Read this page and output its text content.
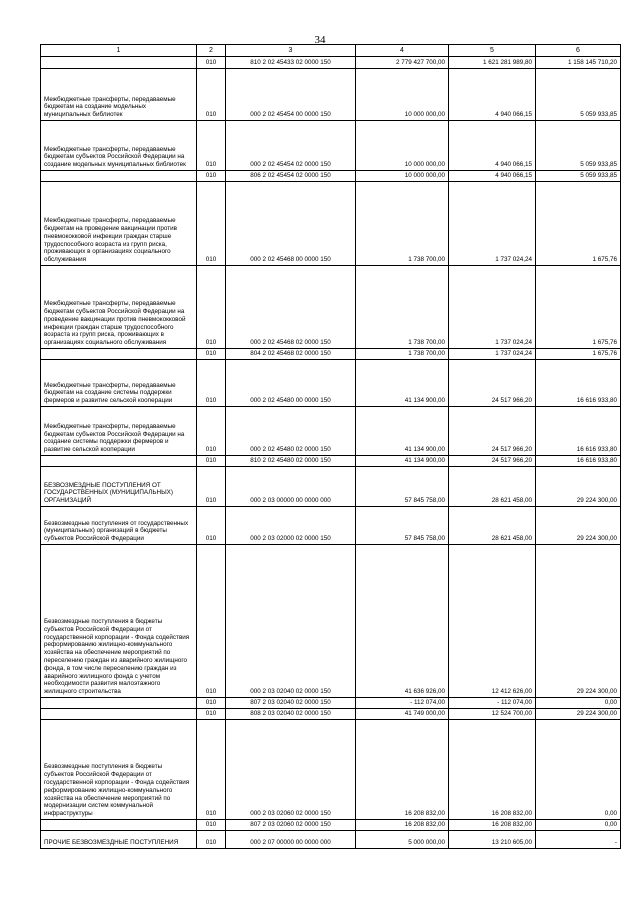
34
1	2	3	4	5	6
	010	810 2 02 45433 02 0000 150	2 779 427 700,00	1 621 281 989,80	1 158 145 710,20
Межбюджетные трансферты, передаваемые бюджетам на создание модельных муниципальных библиотек	010	000 2 02 45454 00 0000 150	10 000 000,00	4 940 066,15	5 059 933,85
Межбюджетные трансферты, передаваемые бюджетам субъектов Российской Федерации на создание модельных муниципальных библиотек	010	000 2 02 45454 02 0000 150	10 000 000,00	4 940 066,15	5 059 933,85
	010	806 2 02 45454 02 0000 150	10 000 000,00	4 940 066,15	5 059 933,85
Межбюджетные трансферты, передаваемые бюджетам на проведение вакцинации против пневмококковой инфекции граждан старше трудоспособного возраста из групп риска, проживающих в организациях социального обслуживания	010	000 2 02 45468 00 0000 150	1 738 700,00	1 737 024,24	1 675,76
Межбюджетные трансферты, передаваемые бюджетам субъектов Российской Федерации на проведение вакцинации против пневмококковой инфекции граждан старше трудоспособного возраста из групп риска, проживающих в организациях социального обслуживания	010	000 2 02 45468 02 0000 150	1 738 700,00	1 737 024,24	1 675,76
	010	804 2 02 45468 02 0000 150	1 738 700,00	1 737 024,24	1 675,76
Межбюджетные трансферты, передаваемые бюджетам на создание системы поддержки фермеров и развитие сельской кооперации	010	000 2 02 45480 00 0000 150	41 134 900,00	24 517 966,20	16 616 933,80
Межбюджетные трансферты, передаваемые бюджетам субъектов Российской Федерации на создание системы поддержки фермеров и развитие сельской кооперации	010	000 2 02 45480 02 0000 150	41 134 900,00	24 517 966,20	16 616 933,80
	010	810 2 02 45480 02 0000 150	41 134 900,00	24 517 966,20	16 616 933,80
БЕЗВОЗМЕЗДНЫЕ ПОСТУПЛЕНИЯ ОТ ГОСУДАРСТВЕННЫХ (МУНИЦИПАЛЬНЫХ) ОРГАНИЗАЦИЙ	010	000 2 03 00000 00 0000 000	57 845 758,00	28 621 458,00	29 224 300,00
Безвозмездные поступления от государственных (муниципальных) организаций в бюджеты субъектов Российской Федерации	010	000 2 03 02000 02 0000 150	57 845 758,00	28 621 458,00	29 224 300,00
Безвозмездные поступления в бюджеты субъектов Российской Федерации от государственной корпорации - Фонда содействия реформированию жилищно-коммунального хозяйства на обеспечение мероприятий по переселению граждан из аварийного жилищного фонда, в том числе переселению граждан из аварийного жилищного фонда с учетом необходимости развития малоэтажного жилищного строительства	010	000 2 03 02040 02 0000 150	41 636 926,00	12 412 626,00	29 224 300,00
	010	807 2 03 02040 02 0000 150	- 112 074,00	- 112 074,00	0,00
	010	808 2 03 02040 02 0000 150	41 749 000,00	12 524 700,00	29 224 300,00
Безвозмездные поступления в бюджеты субъектов Российской Федерации от государственной корпорации - Фонда содействия реформированию жилищно-коммунального хозяйства на обеспечение мероприятий по модернизации систем коммунальной инфраструктуры	010	000 2 03 02060 02 0000 150	16 208 832,00	16 208 832,00	0,00
	010	807 2 03 02060 02 0000 150	16 208 832,00	16 208 832,00	0,00
ПРОЧИЕ БЕЗВОЗМЕЗДНЫЕ ПОСТУПЛЕНИЯ	010	000 2 07 00000 00 0000 000	5 000 000,00	13 210 605,00	-
